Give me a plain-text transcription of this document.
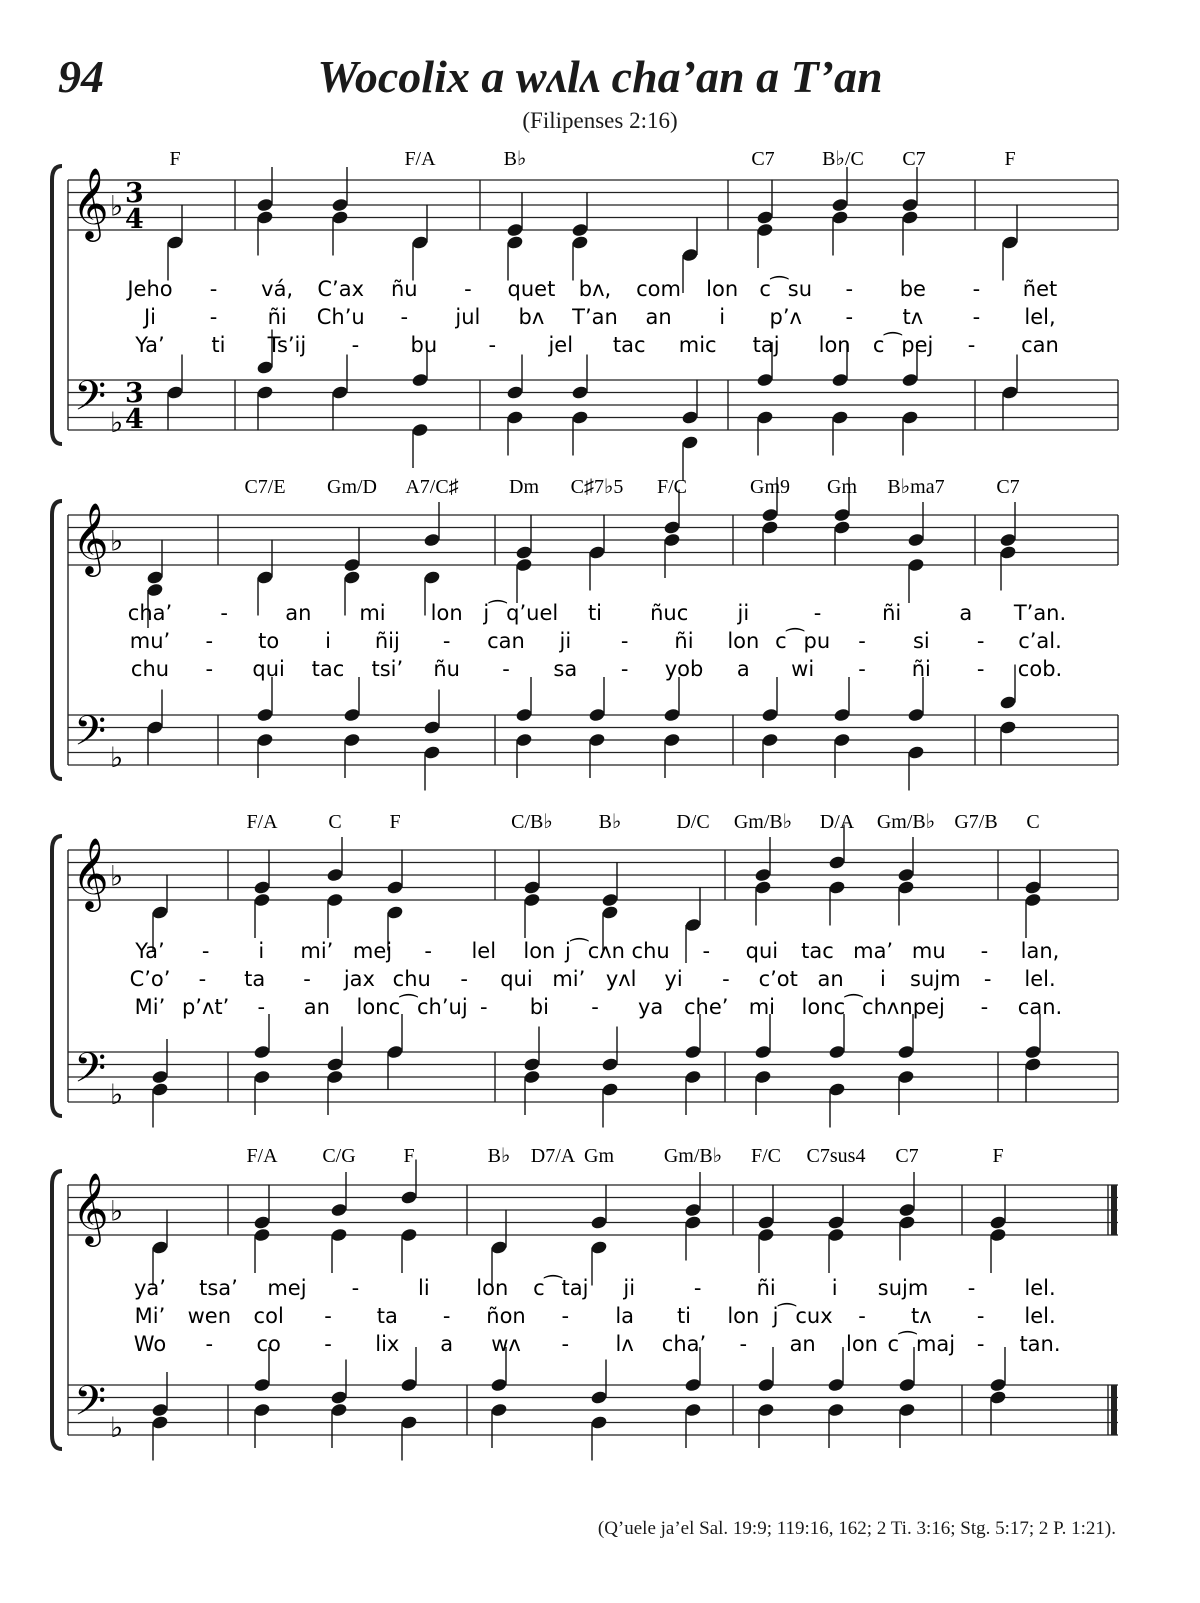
94	Wocolix a wʌlʌ cha’an a T’an
(Filipenses 2:16)
𝄞
𝄢
♭
♭
3
4
3
4
F	F/A	B♭	C7 B♭/C C7	F
Jeho - vá, C’ax ñu - quet bʌ, com lon c⁀su - be - ñet
Ji	- ñi Ch’u - jul bʌ T’an an i p’ʌ - tʌ - lel,
Ya’ ti Ts’ij - bu - jel tac mic taj lon c⁀pej - can
𝄞
𝄢
♭
♭
C7/E Gm/D A7/C♯	Dm C♯7♭5 F/C	Gm9 Gm B♭ma7	C7
cha’ -	an mi lon j⁀q’uel ti ñuc ji	-	ñi	a T’an.
mu’ - to i ñij - can ji - ñi lon c⁀pu - si - c’al.
chu - qui tac tsi’ ñu - sa - yob a wi - ñi - cob.
𝄞
𝄢
♭
♭
F/A	C F	C/B♭ B♭	D/C Gm/B♭ D/A Gm/B♭ G7/B C
Ya’ - i mi’ mej - lel lon j⁀cʌn chu - qui tac ma’ mu - lan,
C’o’ - ta - jax chu - qui mi’ yʌl yi - c’ot an i sujm - lel.
Mi’ p’ʌt’ - an lon c⁀ch’uj - bi - ya che’ mi lon c⁀chʌn pej - can.
𝄞
𝄢
♭
♭
F/A C/G F	B♭ D7/A Gm Gm/B♭ F/C C7sus4 C7	F
ya’ tsa’ mej -	li lon c⁀taj ji	-	ñi	i sujm - lel.
Mi’ wen col - ta - ñon - la ti lon j⁀cux - tʌ - lel.
Wo - co - lix a wʌ - lʌ cha’ - an lon c⁀maj - tan.
(Q’uele ja’el Sal. 19:9; 119:16, 162; 2 Ti. 3:16; Stg. 5:17; 2 P. 1:21).
